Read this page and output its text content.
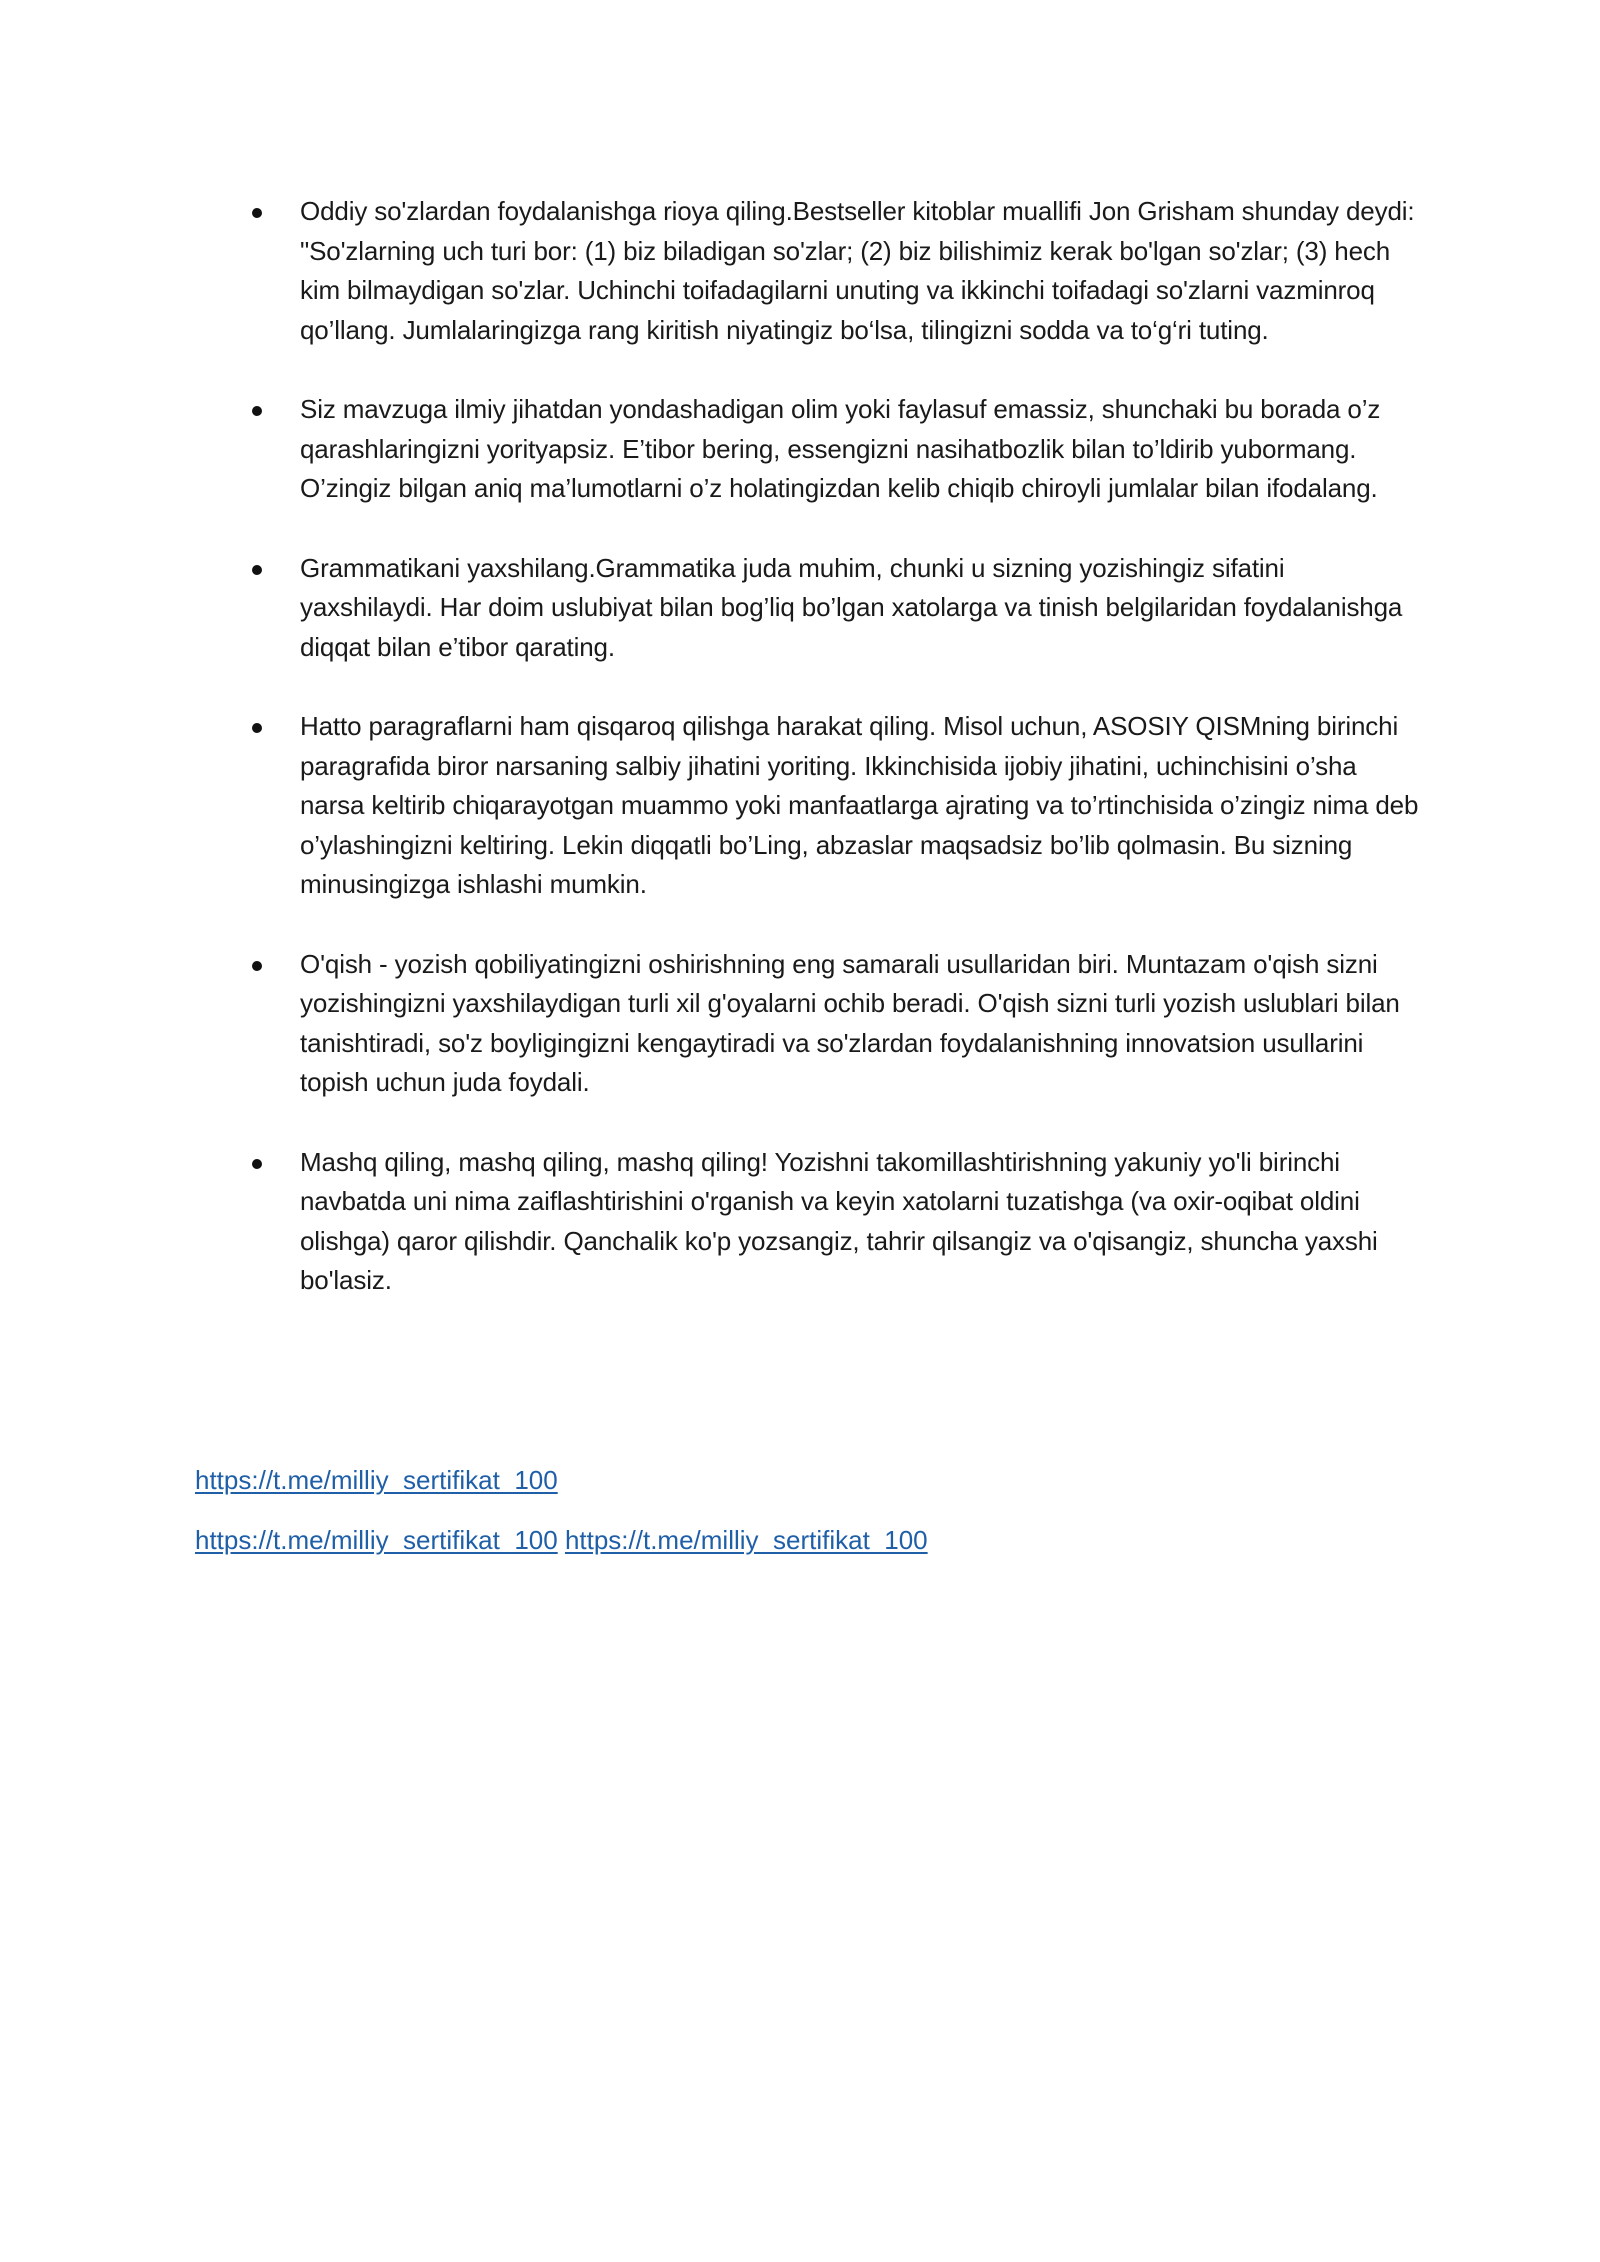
Oddiy so'zlardan foydalanishga rioya qiling.Bestseller kitoblar muallifi Jon Grisham shunday deydi: "So'zlarning uch turi bor: (1) biz biladigan so'zlar; (2) biz bilishimiz kerak bo'lgan so'zlar; (3) hech kim bilmaydigan so'zlar. Uchinchi toifadagilarni unuting va ikkinchi toifadagi so'zlarni vazminroq qo’llang. Jumlalaringizga rang kiritish niyatingiz bo‘lsa, tilingizni sodda va to‘g‘ri tuting.
Siz mavzuga ilmiy jihatdan yondashadigan olim yoki faylasuf emassiz, shunchaki bu borada o’z qarashlaringizni yorityapsiz. E’tibor bering, essengizni nasihatbozlik bilan to’ldirib yubormang. O’zingiz bilgan aniq ma’lumotlarni o’z holatingizdan kelib chiqib chiroyli jumlalar bilan ifodalang.
Grammatikani yaxshilang.Grammatika juda muhim, chunki u sizning yozishingiz sifatini yaxshilaydi. Har doim uslubiyat bilan bog’liq bo’lgan xatolarga va tinish belgilaridan foydalanishga diqqat bilan e’tibor qarating.
Hatto paragraflarni ham qisqaroq qilishga harakat qiling. Misol uchun, ASOSIY QISMning birinchi paragrafida biror narsaning salbiy jihatini yoriting. Ikkinchisida ijobiy jihatini, uchinchisini o’sha narsa keltirib chiqarayotgan muammo yoki manfaatlarga ajrating va to’rtinchisida o’zingiz nima deb o’ylashingizni keltiring. Lekin diqqatli bo’Ling, abzaslar maqsadsiz bo’lib qolmasin. Bu sizning minusingizga ishlashi mumkin.
O'qish - yozish qobiliyatingizni oshirishning eng samarali usullaridan biri. Muntazam o'qish sizni yozishingizni yaxshilaydigan turli xil g'oyalarni ochib beradi. O'qish sizni turli yozish uslublari bilan tanishtiradi, so'z boyligingizni kengaytiradi va so'zlardan foydalanishning innovatsion usullarini topish uchun juda foydali.
Mashq qiling, mashq qiling, mashq qiling! Yozishni takomillashtirishning yakuniy yo'li birinchi navbatda uni nima zaiflashtirishini o'rganish va keyin xatolarni tuzatishga (va oxir-oqibat oldini olishga) qaror qilishdir. Qanchalik ko'p yozsangiz, tahrir qilsangiz va o'qisangiz, shuncha yaxshi bo'lasiz.
https://t.me/milliy_sertifikat_100
https://t.me/milliy_sertifikat_100 https://t.me/milliy_sertifikat_100
